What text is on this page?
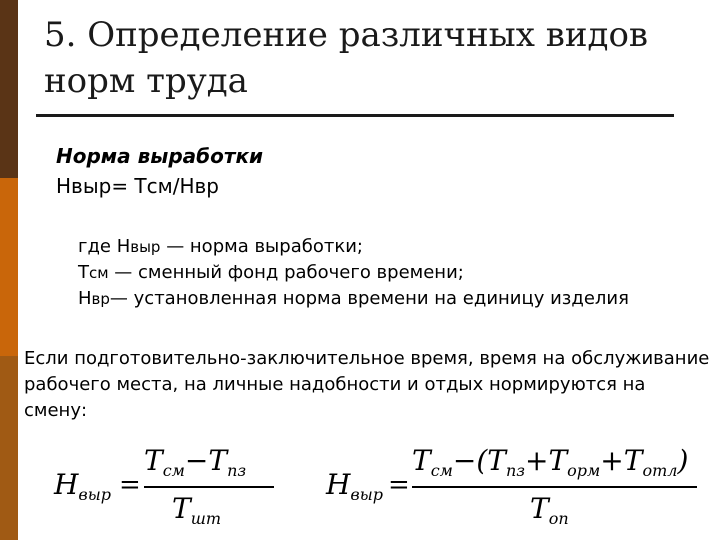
5. Определение различных видов норм труда
Норма выработки
Нвыр= Тсм/Нвр
где Нвыр — норма выработки;
Тсм — сменный фонд рабочего времени;
Нвр— установленная норма времени на единицу изделия
Если подготовительно-заключительное время, время на обслуживание рабочего места, на личные надобности и отдых нормируются на смену:
Hвыр =
Tсм−Tпз
Tшт
Hвыр =
Tсм−(Tпз+Tорм+Tотл)
Tоп
